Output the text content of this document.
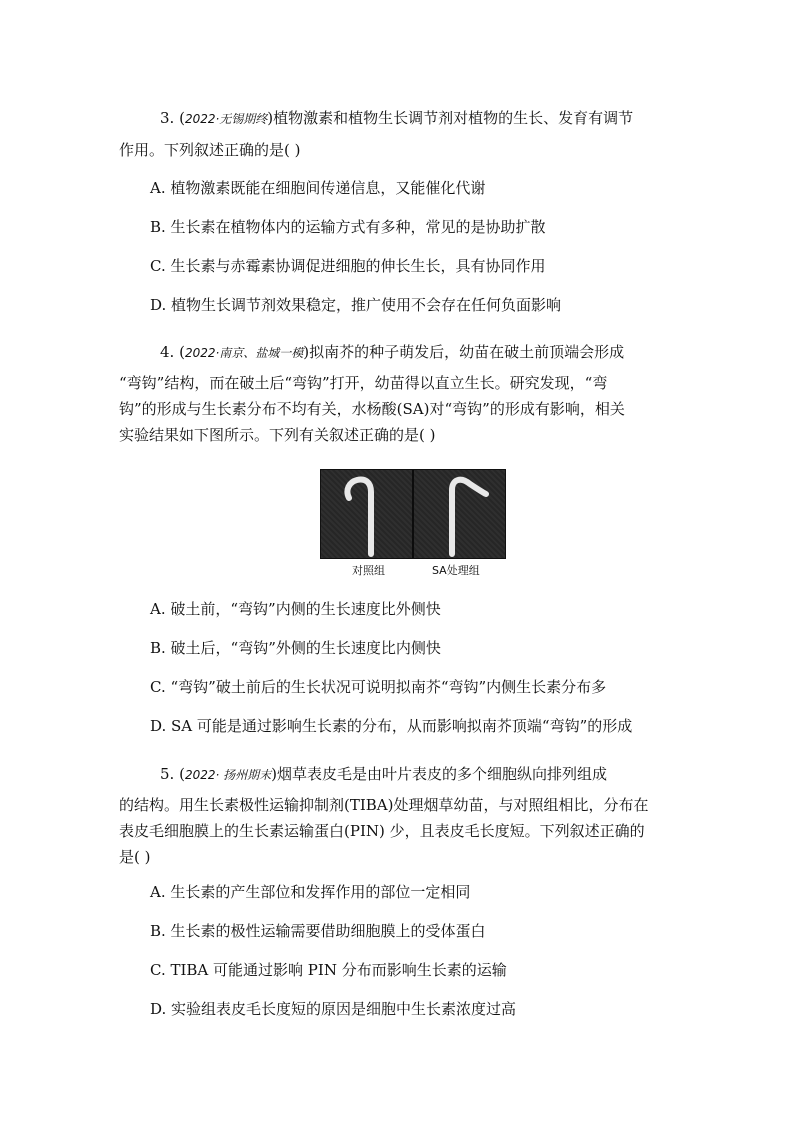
3. (2022·无锡期终)植物激素和植物生长调节剂对植物的生长、发育有调节
作用。下列叙述正确的是( )
A. 植物激素既能在细胞间传递信息，又能催化代谢
B. 生长素在植物体内的运输方式有多种，常见的是协助扩散
C. 生长素与赤霉素协调促进细胞的伸长生长，具有协同作用
D. 植物生长调节剂效果稳定，推广使用不会存在任何负面影响
4. (2022·南京、盐城一模)拟南芥的种子萌发后，幼苗在破土前顶端会形成
“弯钩”结构，而在破土后“弯钩”打开，幼苗得以直立生长。研究发现，“弯
钩”的形成与生长素分布不均有关，水杨酸(SA)对“弯钩”的形成有影响，相关
实验结果如下图所示。下列有关叙述正确的是( )
对照组	SA处理组
A. 破土前，“弯钩”内侧的生长速度比外侧快
B. 破土后，“弯钩”外侧的生长速度比内侧快
C. “弯钩”破土前后的生长状况可说明拟南芥“弯钩”内侧生长素分布多
D. SA 可能是通过影响生长素的分布，从而影响拟南芥顶端“弯钩”的形成
5. (2022· 扬州期末)烟草表皮毛是由叶片表皮的多个细胞纵向排列组成
的结构。用生长素极性运输抑制剂(TIBA)处理烟草幼苗，与对照组相比，分布在
表皮毛细胞膜上的生长素运输蛋白(PIN) 少，且表皮毛长度短。下列叙述正确的
是( )
A. 生长素的产生部位和发挥作用的部位一定相同
B. 生长素的极性运输需要借助细胞膜上的受体蛋白
C. TIBA 可能通过影响 PIN 分布而影响生长素的运输
D. 实验组表皮毛长度短的原因是细胞中生长素浓度过高
